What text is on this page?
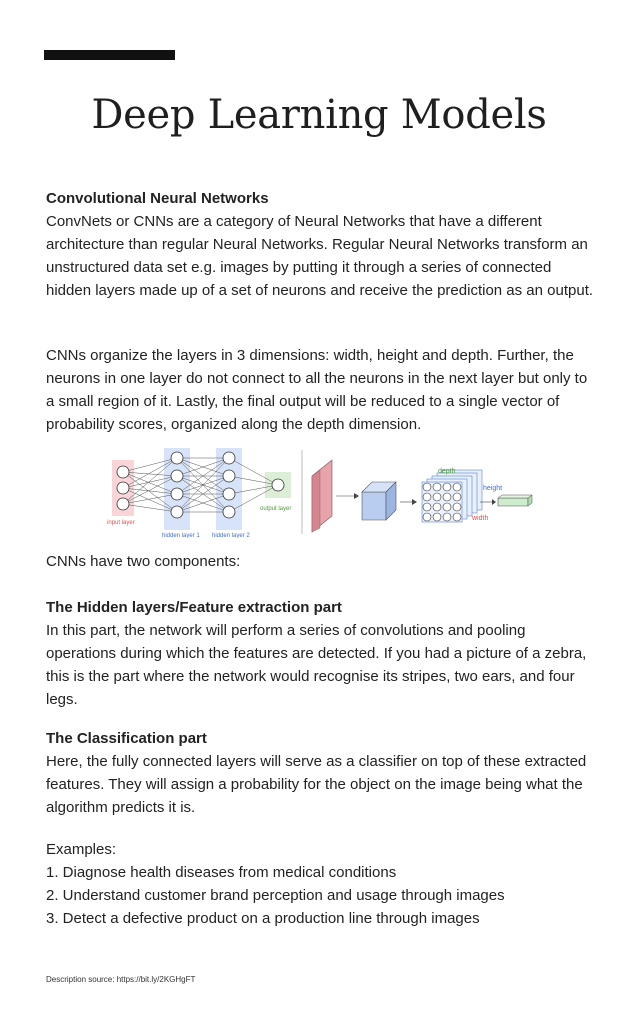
Deep Learning Models

Convolutional Neural Networks

ConvNets or CNNs are a category of Neural Networks that have a different architecture than regular Neural Networks. Regular Neural Networks transform an unstructured data set e.g. images by putting it through a series of connected hidden layers made up of a set of neurons and receive the prediction as an output.

CNNs organize the layers in 3 dimensions: width, height and depth. Further, the neurons in one layer do not connect to all the neurons in the next layer but only to a small region of it. Lastly, the final output will be reduced to a single vector of probability scores, organized along the depth dimension.

input layer
hidden layer 1 hidden layer 2
output layer
depth
height
width

CNNs have two components:

The Hidden layers/Feature extraction part

In this part, the network will perform a series of convolutions and pooling operations during which the features are detected. If you had a picture of a zebra, this is the part where the network would recognise its stripes, two ears, and four legs.

The Classification part

Here, the fully connected layers will serve as a classifier on top of these extracted features. They will assign a probability for the object on the image being what the algorithm predicts it is.

Examples:

1. Diagnose health diseases from medical conditions

2. Understand customer brand perception and usage through images

3. Detect a defective product on a production line through images

Description source: https://bit.ly/2KGHgFT
